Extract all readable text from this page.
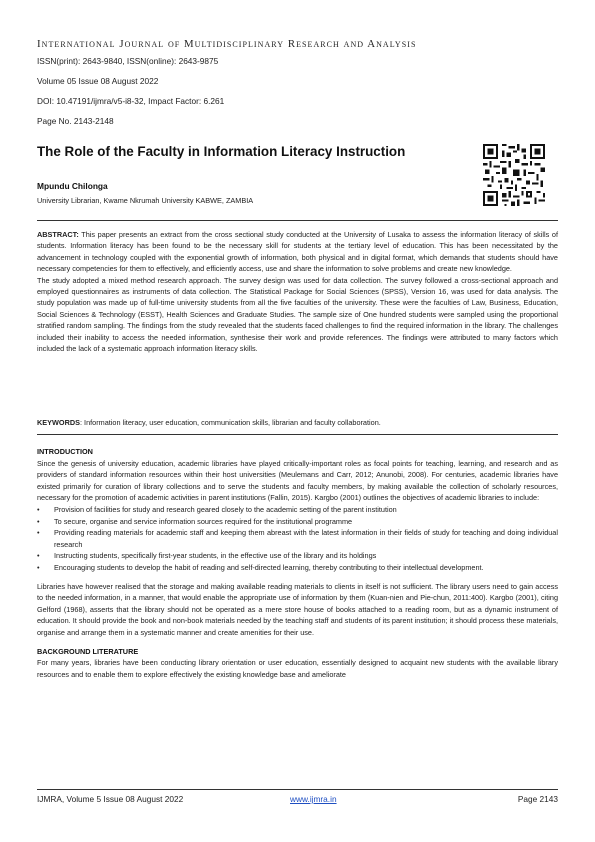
International Journal of Multidisciplinary Research and Analysis
ISSN(print): 2643-9840, ISSN(online): 2643-9875
Volume 05 Issue 08 August 2022
DOI: 10.47191/ijmra/v5-i8-32, Impact Factor: 6.261
Page No. 2143-2148
The Role of the Faculty in Information Literacy Instruction
Mpundu Chilonga
University Librarian, Kwame Nkrumah University KABWE, ZAMBIA

ABSTRACT: This paper presents an extract from the cross sectional study conducted at the University of Lusaka to assess the information literacy of skills of students. Information literacy has been found to be the necessary skill for students at the tertiary level of education. This has been necessitated by the advancement in technology coupled with the exponential growth of information, both physical and in digital format, which demands that students should have necessary competencies for them to effectively, and efficiently access, use and share the information to solve problems and create new knowledge.

The study adopted a mixed method research approach. The survey design was used for data collection. The survey followed a cross-sectional approach and employed questionnaires as instruments of data collection. The Statistical Package for Social Sciences (SPSS), Version 16, was used for data analysis. The study population was made up of full-time university students from all the five faculties of the university. These were the faculties of Law, Business, Education, Social Sciences & Technology (ESST), Health Sciences and Graduate Studies. The sample size of One hundred students were sampled using the proportional stratified random sampling. The findings from the study revealed that the students faced challenges to find the required information in the library. The challenges included their inability to access the needed information, synthesise their work and provide references. The findings were attributed to many factors which included the lack of a systematic approach information literacy skills.

KEYWORDS: Information literacy, user education, communication skills, librarian and faculty collaboration.
INTRODUCTION

Since the genesis of university education, academic libraries have played critically-important roles as focal points for teaching, learning, and research and as providers of standard information resources within their host universities (Meulemans and Carr, 2012; Anunobi, 2008). For centuries, academic libraries have existed primarily for curation of library collections and to serve the students and faculty members, by making available the collection of scholarly resources, necessary for the promotion of academic activities in parent institutions (Fallin, 2015). Kargbo (2001) outlines the objectives of academic libraries to include:

• Provision of facilities for study and research geared closely to the academic setting of the parent institution
• To secure, organise and service information sources required for the institutional programme
• Providing reading materials for academic staff and keeping them abreast with the latest information in their fields of study for teaching and doing individual research
• Instructing students, specifically first-year students, in the effective use of the library and its holdings
• Encouraging students to develop the habit of reading and self-directed learning, thereby contributing to their intellectual development.

Libraries have however realised that the storage and making available reading materials to clients in itself is not sufficient. The library users need to gain access to the needed information, in a manner, that would enable the appropriate use of information by them (Kuan-nien and Pie-chun, 2011:400). Kargbo (2001), citing Gelford (1968), asserts that the library should not be operated as a mere store house of books attached to a reading room, but as a dynamic instrument of education. It should provide the book and non-book materials needed by the teaching staff and students of its parent institution; it should process these materials, organise and arrange them in a systematic manner and create amenities for their use.

BACKGROUND LITERATURE

For many years, libraries have been conducting library orientation or user education, essentially designed to acquaint new students with the available library resources and to enable them to explore effectively the existing knowledge base and ameliorate

IJMRA, Volume 5 Issue 08 August 2022	www.ijmra.in	Page 2143
